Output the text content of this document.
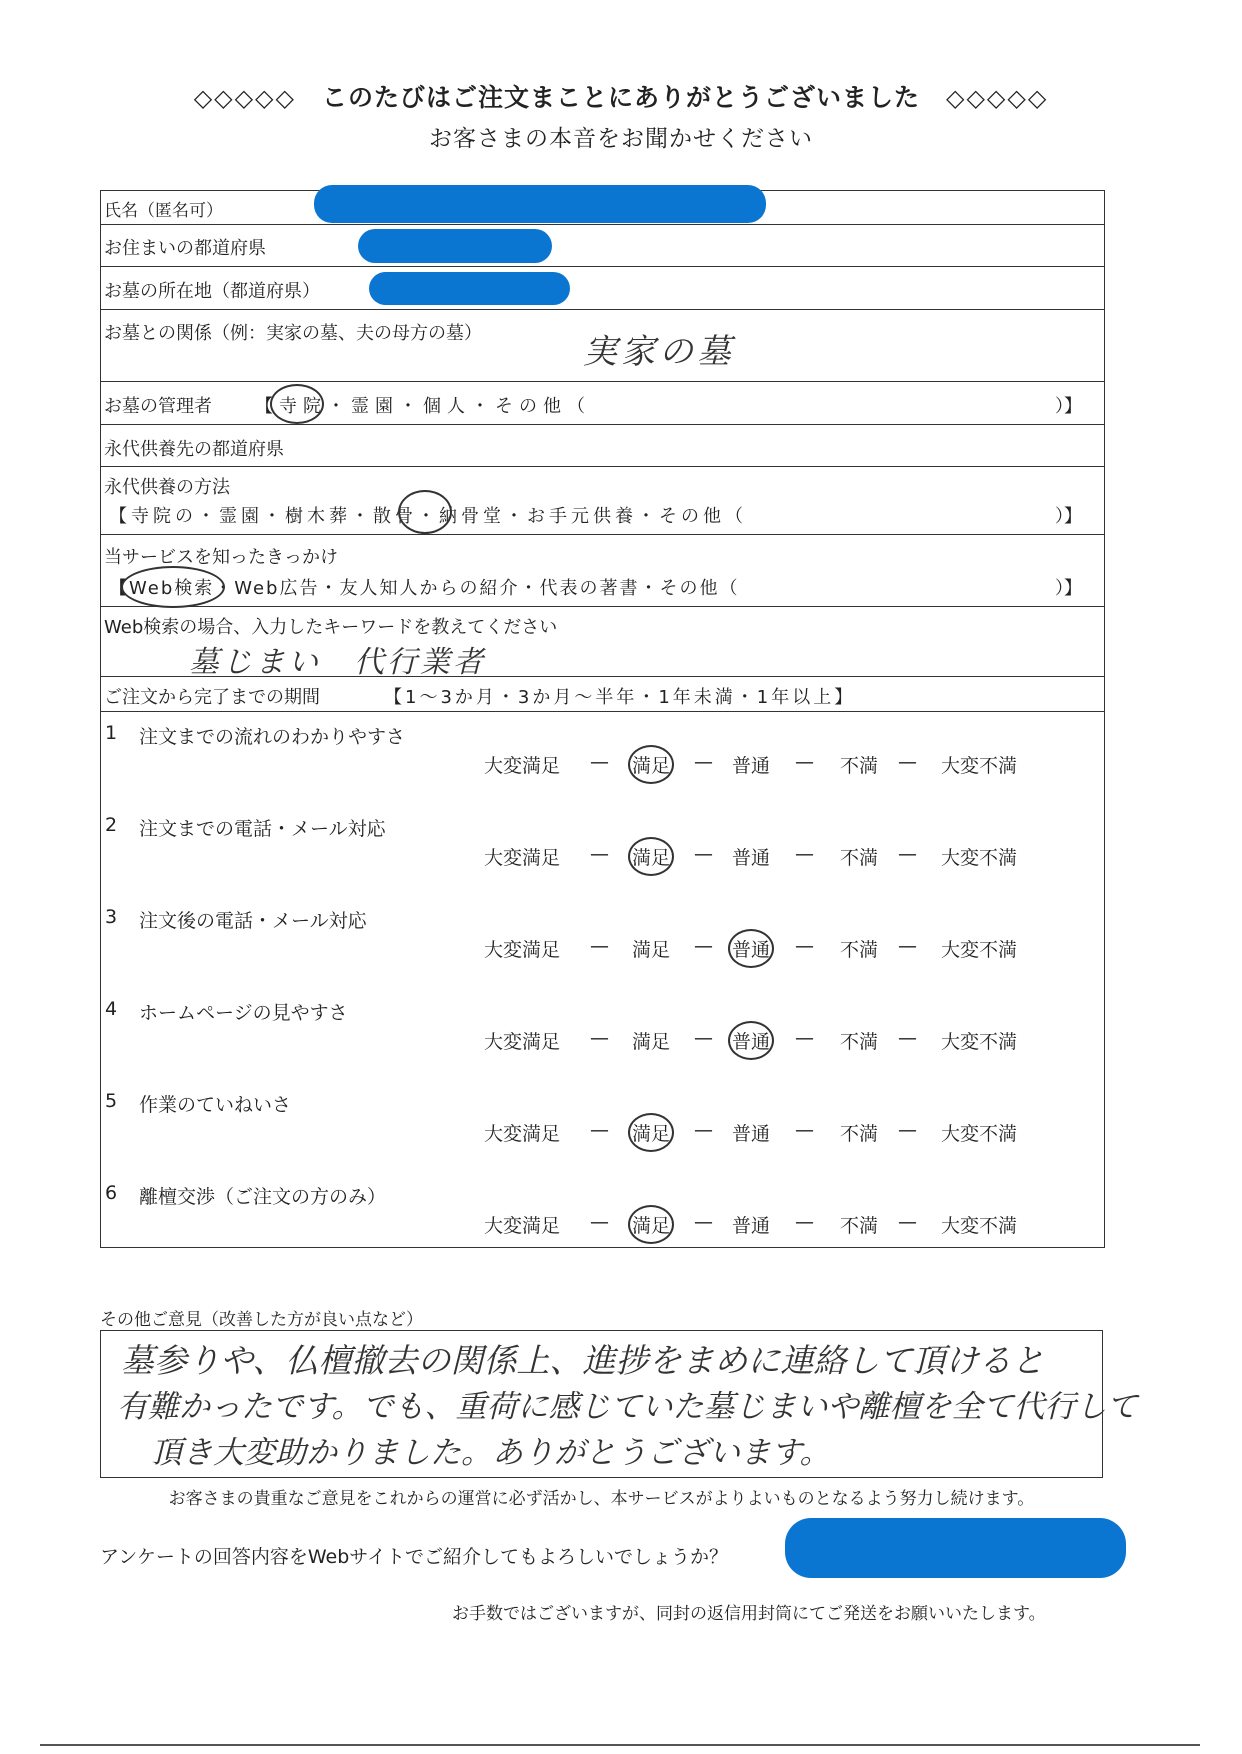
◇◇◇◇◇ このたびはご注文まことにありがとうございました ◇◇◇◇◇
お客さまの本音をお聞かせください
氏名（匿名可）
お住まいの都道府県
お墓の所在地（都道府県）
お墓との関係（例：実家の墓、夫の母方の墓）	実家の墓
お墓の管理者 【寺院・霊園・個人・その他（	）】
永代供養先の都道府県
永代供養の方法
【寺院の・霊園・樹木葬・散骨・納骨堂・お手元供養・その他（	）】
当サービスを知ったきっかけ
【Web検索・Web広告・友人知人からの紹介・代表の著書・その他（	）】
Web検索の場合、入力したキーワードを教えてください
墓じまい　代行業者
ご注文から完了までの期間	【1〜3か月・3か月〜半年・1年未満・1年以上】
1 注文までの流れのわかりやすさ
大変満足 — 満足 — 普通 — 不満 — 大変不満
2 注文までの電話・メール対応
大変満足 — 満足 — 普通 — 不満 — 大変不満
3 注文後の電話・メール対応
大変満足 — 満足 — 普通 — 不満 — 大変不満
4 ホームページの見やすさ
大変満足 — 満足 — 普通 — 不満 — 大変不満
5 作業のていねいさ
大変満足 — 満足 — 普通 — 不満 — 大変不満
6 離檀交渉（ご注文の方のみ）
大変満足 — 満足 — 普通 — 不満 — 大変不満
その他ご意見（改善した方が良い点など）
墓参りや、仏檀撤去の関係上、進捗をまめに連絡して頂けると
有難かったです。でも、重荷に感じていた墓じまいや離檀を全て代行して
頂き大変助かりました。ありがとうございます。
お客さまの貴重なご意見をこれからの運営に必ず活かし、本サービスがよりよいものとなるよう努力し続けます。
アンケートの回答内容をWebサイトでご紹介してもよろしいでしょうか？
お手数ではございますが、同封の返信用封筒にてご発送をお願いいたします。
